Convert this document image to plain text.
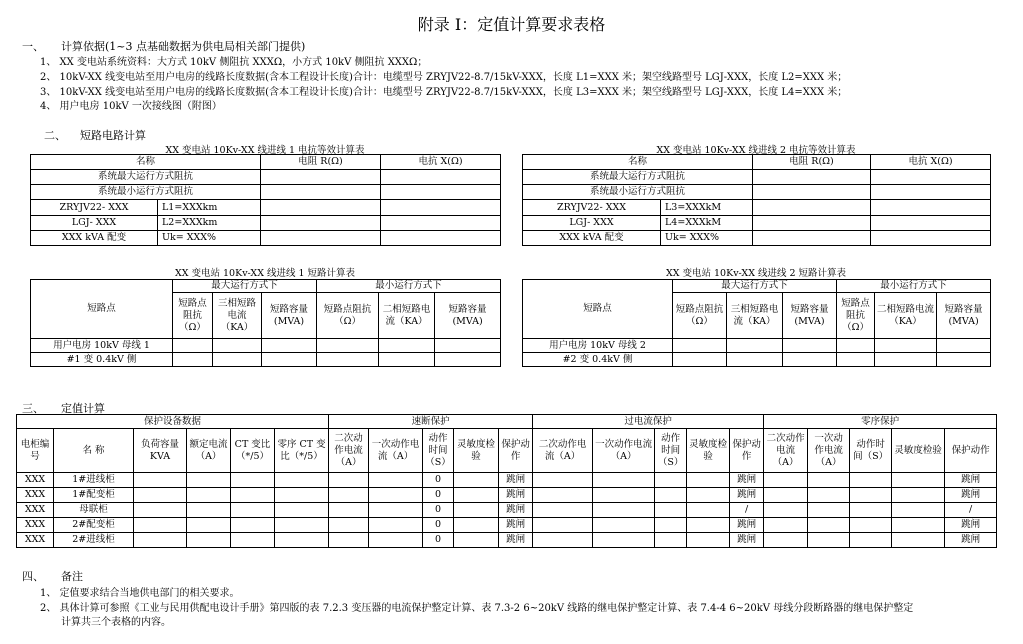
附录 I：定值计算要求表格
一、 计算依据(1~3 点基础数据为供电局相关部门提供)
1、 XX 变电站系统资料：大方式 10kV 侧阻抗 XXXΩ，小方式 10kV 侧阻抗 XXXΩ；
2、 10kV-XX 线变电站至用户电房的线路长度数据(含本工程设计长度)合计：电缆型号 ZRYJV22-8.7/15kV-XXX，长度 L1=XXX 米；架空线路型号 LGJ-XXX，长度 L2=XXX 米；
3、 10kV-XX 线变电站至用户电房的线路长度数据(含本工程设计长度)合计：电缆型号 ZRYJV22-8.7/15kV-XXX，长度 L3=XXX 米；架空线路型号 LGJ-XXX，长度 L4=XXX 米；
4、 用户电房 10kV 一次接线图（附图）
二、 短路电路计算
XX 变电站 10Kv-XX 线进线 1 电抗等效计算表
名称		电阻 R(Ω)	电抗 X(Ω)
系统最大运行方式阻抗			
系统最小运行方式阻抗			
ZRYJV22- XXX	L1=XXXkm		
LGJ- XXX	L2=XXXkm		
XXX kVA 配变	Uk= XXX%		
XX 变电站 10Kv-XX 线进线 2 电抗等效计算表
名称		电阻 R(Ω)	电抗 X(Ω)
系统最大运行方式阻抗			
系统最小运行方式阻抗			
ZRYJV22- XXX	L3=XXXkM		
LGJ- XXX	L4=XXXkM		
XXX kVA 配变	Uk= XXX%		
XX 变电站 10Kv-XX 线进线 1 短路计算表
短路点	最大运行方式下			最小运行方式下		
	短路点阻抗（Ω）	三相短路电流（KA）	短路容量(MVA)	短路点阻抗（Ω）	二相短路电流（KA）	短路容量(MVA)
用户电房 10kV 母线 1						
#1 变 0.4kV 侧						
XX 变电站 10Kv-XX 线进线 2 短路计算表
短路点	最大运行方式下			最小运行方式下		
	短路点阻抗（Ω）	三相短路电流（KA）	短路容量(MVA)	短路点阻抗（Ω）	二相短路电流（KA）	短路容量(MVA)
用户电房 10kV 母线 2						
#2 变 0.4kV 侧						
三、 定值计算
保护设备数据						速断保护					过电流保护					零序保护				
电柜编号	名 称	负荷容量KVA	额定电流（A）	CT 变比（*/5）	零序 CT 变比（*/5）	二次动作电流（A）	一次动作电流（A）	动作时间（S）	灵敏度检验	保护动作	二次动作电流（A）	一次动作电流（A）	动作时间（S）	灵敏度检验	保护动作	二次动作电流（A）	一次动作电流（A）	动作时间（S）	灵敏度检验	保护动作
XXX	1#进线柜							0		跳闸					跳闸					跳闸
XXX	1#配变柜							0		跳闸					跳闸					跳闸
XXX	母联柜							0		跳闸					/					/
XXX	2#配变柜							0		跳闸					跳闸					跳闸
XXX	2#进线柜							0		跳闸					跳闸					跳闸
四、 备注
1、 定值要求结合当地供电部门的相关要求。
2、 具体计算可参照《工业与民用供配电设计手册》第四版的表 7.2.3 变压器的电流保护整定计算、表 7.3-2 6~20kV 线路的继电保护整定计算、表 7.4-4 6~20kV 母线分段断路器的继电保护整定
计算共三个表格的内容。
